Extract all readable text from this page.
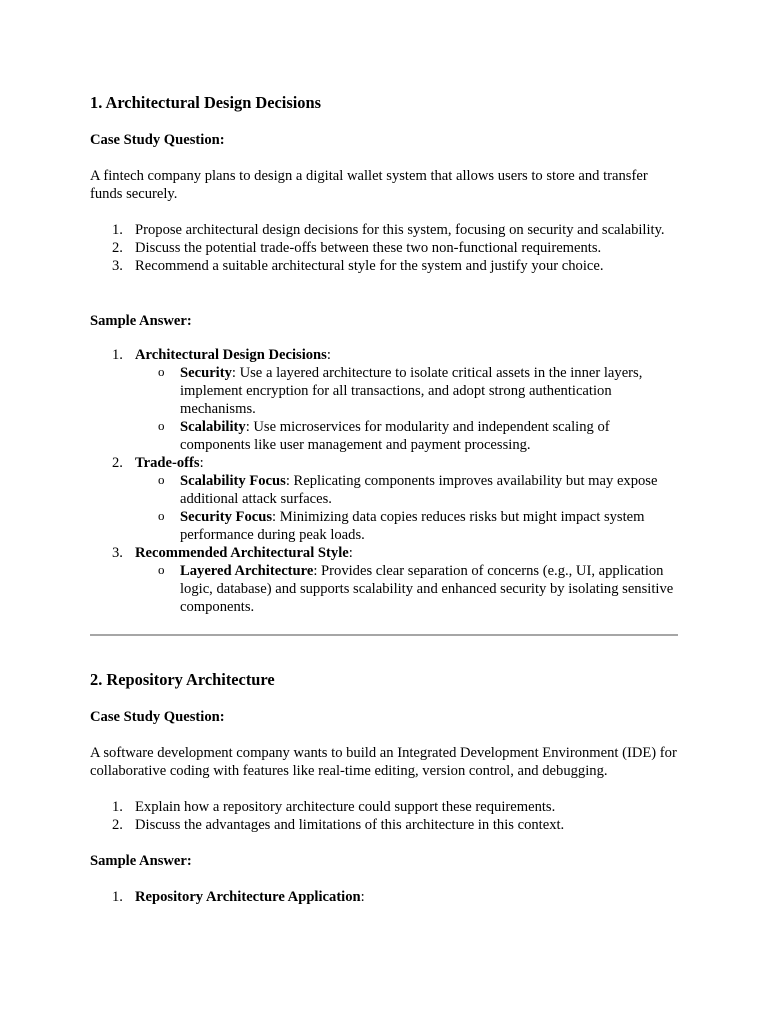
1. Architectural Design Decisions

Case Study Question:

A fintech company plans to design a digital wallet system that allows users to store and transfer funds securely.

1. Propose architectural design decisions for this system, focusing on security and scalability.
2. Discuss the potential trade-offs between these two non-functional requirements.
3. Recommend a suitable architectural style for the system and justify your choice.

Sample Answer:

1. Architectural Design Decisions:
o Security: Use a layered architecture to isolate critical assets in the inner layers, implement encryption for all transactions, and adopt strong authentication mechanisms.
o Scalability: Use microservices for modularity and independent scaling of components like user management and payment processing.
2. Trade-offs:
o Scalability Focus: Replicating components improves availability but may expose additional attack surfaces.
o Security Focus: Minimizing data copies reduces risks but might impact system performance during peak loads.
3. Recommended Architectural Style:
o Layered Architecture: Provides clear separation of concerns (e.g., UI, application logic, database) and supports scalability and enhanced security by isolating sensitive components.
2. Repository Architecture

Case Study Question:

A software development company wants to build an Integrated Development Environment (IDE) for collaborative coding with features like real-time editing, version control, and debugging.

1. Explain how a repository architecture could support these requirements.
2. Discuss the advantages and limitations of this architecture in this context.

Sample Answer:

1. Repository Architecture Application:
